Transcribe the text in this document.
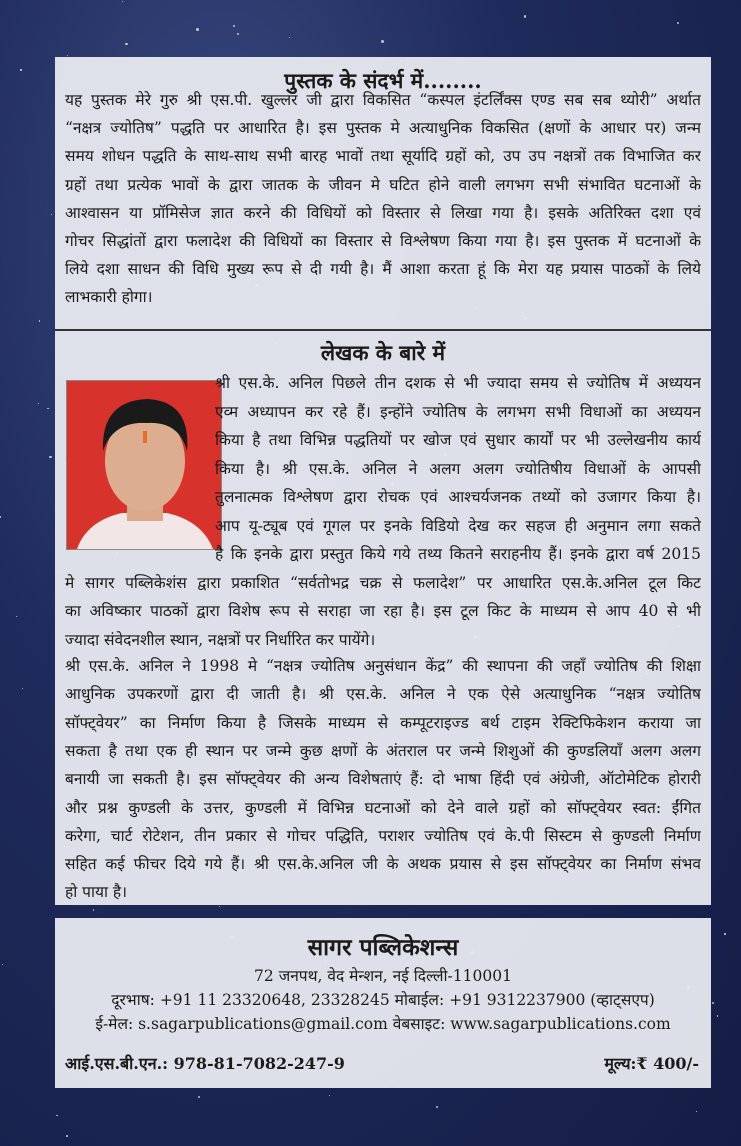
पुस्तक के संदर्भ में........
लेखक के बारे में
यह पुस्तक मेरे गुरु श्री एस.पी. खुल्लर जी द्वारा विकसित “कस्पल इंटर्लिंक्स एण्ड सब सब थ्योरी” अर्थात
“नक्षत्र ज्योतिष” पद्धति पर आधारित है। इस पुस्तक मे अत्याधुनिक विकसित (क्षणों के आधार पर) जन्म
समय शोधन पद्धति के साथ-साथ सभी बारह भावों तथा सूर्यादि ग्रहों को, उप उप नक्षत्रों तक विभाजित कर
ग्रहों तथा प्रत्येक भावों के द्वारा जातक के जीवन मे घटित होने वाली लगभग सभी संभावित घटनाओं के
आश्वासन या प्रॉमिसेज ज्ञात करने की विधियों को विस्तार से लिखा गया है। इसके अतिरिक्त दशा एवं
गोचर सिद्धांतों द्वारा फलादेश की विधियों का विस्तार से विश्लेषण किया गया है। इस पुस्तक में घटनाओं के
लिये दशा साधन की विधि मुख्य रूप से दी गयी है। मैं आशा करता हूं कि मेरा यह प्रयास पाठकों के लिये
लाभकारी होगा।
श्री एस.के. अनिल पिछले तीन दशक से भी ज्यादा समय से ज्योतिष में अध्ययन
एव्म अध्यापन कर रहे हैं। इन्होंने ज्योतिष के लगभग सभी विधाओं का अध्ययन
किया है तथा विभिन्न पद्धतियों पर खोज एवं सुधार कार्यों पर भी उल्लेखनीय कार्य
किया है। श्री एस.के. अनिल ने अलग अलग ज्योतिषीय विधाओं के आपसी
तुलनात्मक विश्लेषण द्वारा रोचक एवं आश्चर्यजनक तथ्यों को उजागर किया है।
आप यू-ट्यूब एवं गूगल पर इनके विडियो देख कर सहज ही अनुमान लगा सकते
है कि इनके द्वारा प्रस्तुत किये गये तथ्य कितने सराहनीय हैं। इनके द्वारा वर्ष 2015
मे सागर पब्लिकेशंस द्वारा प्रकाशित “सर्वतोभद्र चक्र से फलादेश” पर आधारित एस.के.अनिल टूल किट
का अविष्कार पाठकों द्वारा विशेष रूप से सराहा जा रहा है। इस टूल किट के माध्यम से आप 40 से भी
ज्यादा संवेदनशील स्थान, नक्षत्रों पर निर्धारित कर पायेंगे।
श्री एस.के. अनिल ने 1998 मे “नक्षत्र ज्योतिष अनुसंधान केंद्र” की स्थापना की जहाँ ज्योतिष की शिक्षा
आधुनिक उपकरणों द्वारा दी जाती है। श्री एस.के. अनिल ने एक ऐसे अत्याधुनिक “नक्षत्र ज्योतिष
सॉफ्ट्वेयर” का निर्माण किया है जिसके माध्यम से कम्पूटराइज्ड बर्थ टाइम रेक्टिफिकेशन कराया जा
सकता है तथा एक ही स्थान पर जन्मे कुछ क्षणों के अंतराल पर जन्मे शिशुओं की कुण्डलियाँ अलग अलग
बनायी जा सकती है। इस सॉफ्ट्वेयर की अन्य विशेषताएं हैं: दो भाषा हिंदी एवं अंग्रेजी, ऑटोमेटिक होरारी
और प्रश्न कुण्डली के उत्तर, कुण्डली में विभिन्न घटनाओं को देने वाले ग्रहों को सॉफ्ट्वेयर स्वत: ईंगित
करेगा, चार्ट रोटेशन, तीन प्रकार से गोचर पद्धिति, पराशर ज्योतिष एवं के.पी सिस्टम से कुण्डली निर्माण
सहित कई फीचर दिये गये हैं। श्री एस.के.अनिल जी के अथक प्रयास से इस सॉफ्ट्वेयर का निर्माण संभव
हो पाया है।
सागर पब्लिकेशन्स
72 जनपथ, वेद मेन्शन, नई दिल्ली-110001
दूरभाष: +91 11 23320648, 23328245 मोबाईल: +91 9312237900 (व्हाट्सएप)
ई-मेल: s.sagarpublications@gmail.com वेबसाइट: www.sagarpublications.com
आई.एस.बी.एन.: 978-81-7082-247-9	मूल्य:₹ 400/-
